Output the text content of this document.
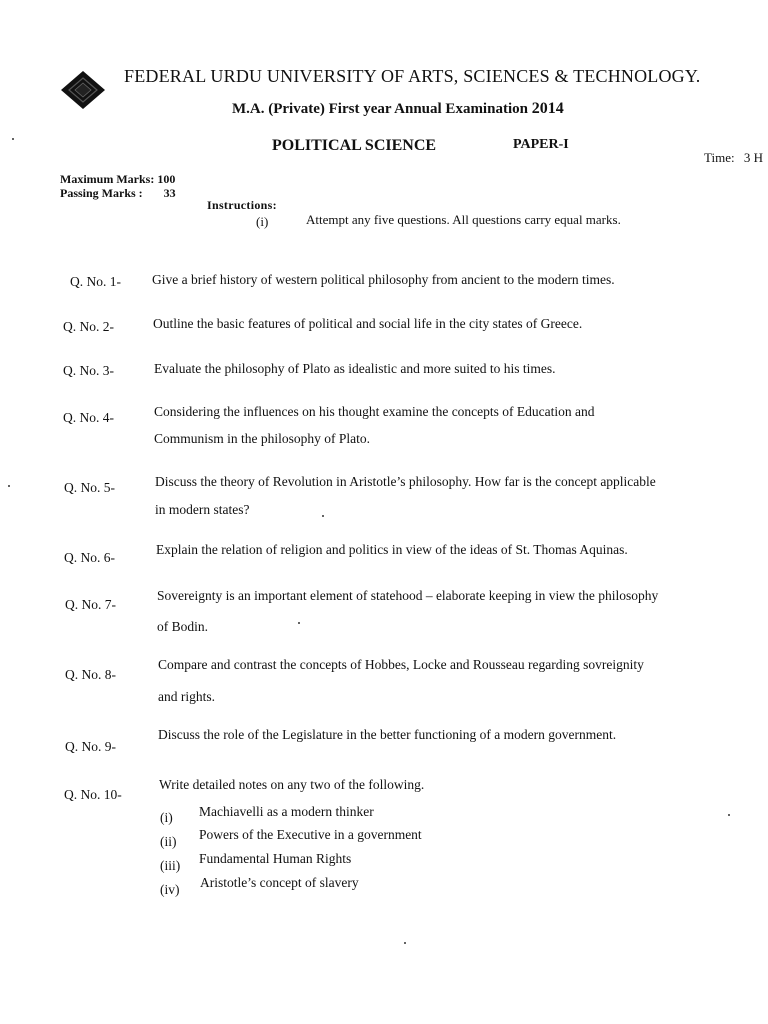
FEDERAL URDU UNIVERSITY OF ARTS, SCIENCES & TECHNOLOGY.
M.A. (Private) First year Annual Examination 2014
POLITICAL SCIENCE	PAPER-I
Time: 3 H
Maximum Marks: 100
Passing Marks : 33
Instructions:
(i)	Attempt any five questions. All questions carry equal marks.
Q. No. 1- Give a brief history of western political philosophy from ancient to the modern times.
Q. No. 2-	Outline the basic features of political and social life in the city states of Greece.
Q. No. 3-	Evaluate the philosophy of Plato as idealistic and more suited to his times.
Q. No. 4-	Considering the influences on his thought examine the concepts of Education and
Communism in the philosophy of Plato.
Q. No. 5-	Discuss the theory of Revolution in Aristotle’s philosophy. How far is the concept applicable
in modern states?
Q. No. 6-
Explain the relation of religion and politics in view of the ideas of St. Thomas Aquinas.
Q. No. 7-
Sovereignty is an important element of statehood – elaborate keeping in view the philosophy
of Bodin.
Q. No. 8-
Compare and contrast the concepts of Hobbes, Locke and Rousseau regarding sovreignity
and rights.
Q. No. 9-
Discuss the role of the Legislature in the better functioning of a modern government.
Q. No. 10-
Write detailed notes on any two of the following.
(i) Machiavelli as a modern thinker
(ii) Powers of the Executive in a government
(iii) Fundamental Human Rights
(iv) Aristotle’s concept of slavery
